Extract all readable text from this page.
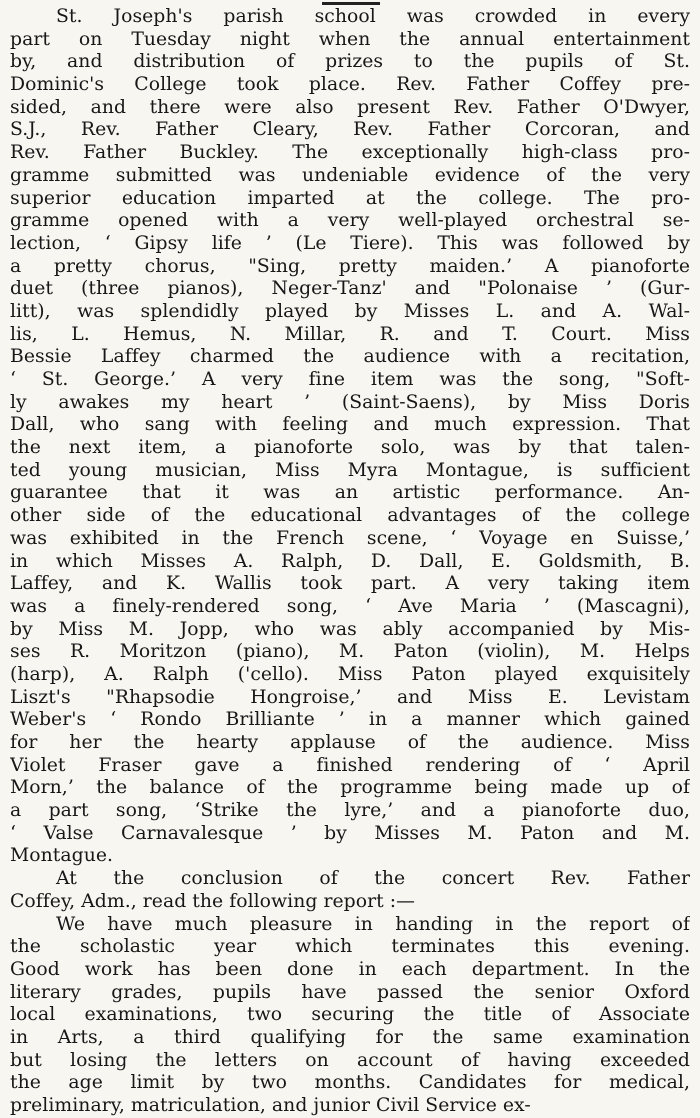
St. Joseph's parish school was crowded in every
part on Tuesday night when the annual entertainment
by, and distribution of prizes to the pupils of St.
Dominic's College took place. Rev. Father Coffey pre-
sided, and there were also present Rev. Father O'Dwyer,
S.J., Rev. Father Cleary, Rev. Father Corcoran, and
Rev. Father Buckley. The exceptionally high-class pro-
gramme submitted was undeniable evidence of the very
superior education imparted at the college. The pro-
gramme opened with a very well-played orchestral se-
lection, ‘ Gipsy life ’ (Le Tiere). This was followed by
a pretty chorus, "Sing, pretty maiden.’ A pianoforte
duet (three pianos), Neger-Tanz' and "Polonaise ’ (Gur-
litt), was splendidly played by Misses L. and A. Wal-
lis, L. Hemus, N. Millar, R. and T. Court. Miss
Bessie Laffey charmed the audience with a recitation,
‘ St. George.’ A very fine item was the song, "Soft-
ly awakes my heart ’ (Saint-Saens), by Miss Doris
Dall, who sang with feeling and much expression. That
the next item, a pianoforte solo, was by that talen-
ted young musician, Miss Myra Montague, is sufficient
guarantee that it was an artistic performance. An-
other side of the educational advantages of the college
was exhibited in the French scene, ‘ Voyage en Suisse,’
in which Misses A. Ralph, D. Dall, E. Goldsmith, B.
Laffey, and K. Wallis took part. A very taking item
was a finely-rendered song, ‘ Ave Maria ’ (Mascagni),
by Miss M. Jopp, who was ably accompanied by Mis-
ses R. Moritzon (piano), M. Paton (violin), M. Helps
(harp), A. Ralph ('cello). Miss Paton played exquisitely
Liszt's "Rhapsodie Hongroise,’ and Miss E. Levistam
Weber's ‘ Rondo Brilliante ’ in a manner which gained
for her the hearty applause of the audience. Miss
Violet Fraser gave a finished rendering of ‘ April
Morn,’ the balance of the programme being made up of
a part song, ‘Strike the lyre,’ and a pianoforte duo,
‘ Valse Carnavalesque ’ by Misses M. Paton and M.
Montague.
At the conclusion of the concert Rev. Father
Coffey, Adm., read the following report :—
We have much pleasure in handing in the report of
the scholastic year which terminates this evening.
Good work has been done in each department. In the
literary grades, pupils have passed the senior Oxford
local examinations, two securing the title of Associate
in Arts, a third qualifying for the same examination
but losing the letters on account of having exceeded
the age limit by two months. Candidates for medical,
preliminary, matriculation, and junior Civil Service ex-
